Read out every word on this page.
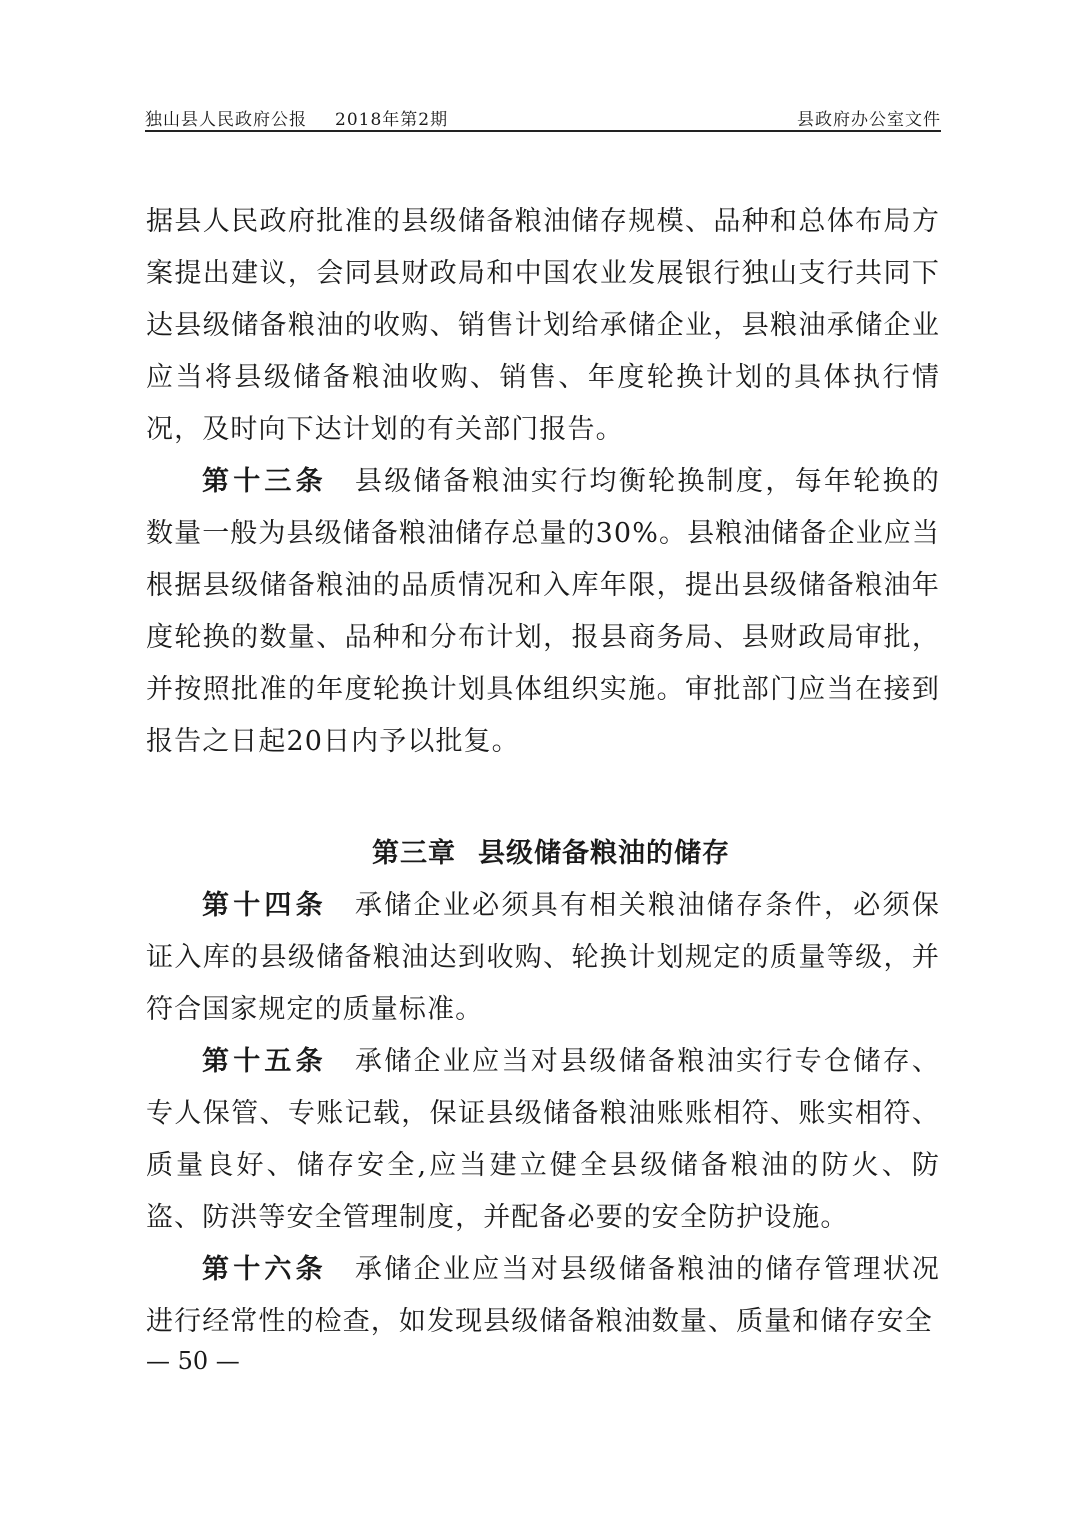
独山县人民政府公报 2018年第2期	县政府办公室文件

据县人民政府批准的县级储备粮油储存规模、品种和总体布局方案提出建议，会同县财政局和中国农业发展银行独山支行共同下达县级储备粮油的收购、销售计划给承储企业，县粮油承储企业应当将县级储备粮油收购、销售、年度轮换计划的具体执行情况，及时向下达计划的有关部门报告。

第十三条 县级储备粮油实行均衡轮换制度，每年轮换的数量一般为县级储备粮油储存总量的30%。县粮油储备企业应当根据县级储备粮油的品质情况和入库年限，提出县级储备粮油年度轮换的数量、品种和分布计划，报县商务局、县财政局审批，并按照批准的年度轮换计划具体组织实施。审批部门应当在接到报告之日起20日内予以批复。

第三章 县级储备粮油的储存

第十四条 承储企业必须具有相关粮油储存条件，必须保证入库的县级储备粮油达到收购、轮换计划规定的质量等级，并符合国家规定的质量标准。

第十五条 承储企业应当对县级储备粮油实行专仓储存、专人保管、专账记载，保证县级储备粮油账账相符、账实相符、质量良好、储存安全,应当建立健全县级储备粮油的防火、防盗、防洪等安全管理制度，并配备必要的安全防护设施。

第十六条 承储企业应当对县级储备粮油的储存管理状况进行经常性的检查，如发现县级储备粮油数量、质量和储存安全

— 50 —
